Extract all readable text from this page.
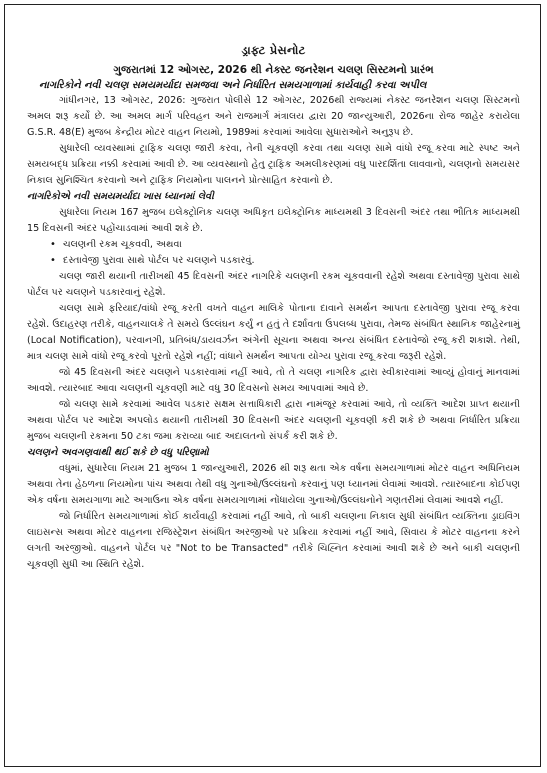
ડ્રાફ્ટ પ્રેસનોટ
ગુજરાતમાં 12 ઓગસ્ટ, 2026 થી નેક્સ્ટ જનરેશન ચલણ સિસ્ટમનો પ્રારંભ
નાગરિકોને નવી ચલણ સમયમર્યાદા સમજવા અને નિર્ધારિત સમયગાળામાં કાર્યવાહી કરવા અપીલ

ગાંધીનગર, 13 ઓગસ્ટ, 2026: ગુજરાત પોલીસે 12 ઓગસ્ટ, 2026થી રાજ્યમાં નેક્સ્ટ જનરેશન ચલણ સિસ્ટમનો અમલ શરૂ કર્યો છે. આ અમલ માર્ગ પરિવહન અને રાજમાર્ગ મંત્રાલય દ્વારા 20 જાન્યુઆરી, 2026ના રોજ જાહેર કરાયેલા G.S.R. 48(E) મુજબ કેન્દ્રીય મોટર વાહન નિયમો, 1989માં કરવામાં આવેલા સુધારાઓને અનુરૂપ છે.

સુધારેલી વ્યવસ્થામાં ટ્રાફિક ચલણ જારી કરવા, તેની ચૂકવણી કરવા તથા ચલણ સામે વાંધો રજૂ કરવા માટે સ્પષ્ટ અને સમયબદ્ધ પ્રક્રિયા નક્કી કરવામાં આવી છે. આ વ્યવસ્થાનો હેતુ ટ્રાફિક અમલીકરણમાં વધુ પારદર્શિતા લાવવાનો, ચલણનો સમયસર નિકાલ સુનિશ્ચિત કરવાનો અને ટ્રાફિક નિયમોના પાલનને પ્રોત્સાહિત કરવાનો છે.

નાગરિકોએ નવી સમયમર્યાદા ખાસ ધ્યાનમાં લેવી

સુધારેલા નિયમ 167 મુજબ ઇલેક્ટ્રોનિક ચલણ અધિકૃત ઇલેક્ટ્રોનિક માધ્યમથી 3 દિવસની અંદર તથા ભૌતિક માધ્યમથી 15 દિવસની અંદર પહોંચાડવામાં આવી શકે છે.

• ચલણની રકમ ચૂકવવી, અથવા
• દસ્તાવેજી પુરાવા સાથે પોર્ટલ પર ચલણને પડકારવું.

ચલણ જારી થયાની તારીખથી 45 દિવસની અંદર નાગરિકે ચલણની રકમ ચૂકવવાની રહેશે અથવા દસ્તાવેજી પુરાવા સાથે પોર્ટલ પર ચલણને પડકારવાનું રહેશે.

ચલણ સામે ફરિયાદ/વાંધો રજૂ કરતી વખતે વાહન માલિકે પોતાના દાવાને સમર્થન આપતા દસ્તાવેજી પુરાવા રજૂ કરવા રહેશે. ઉદાહરણ તરીકે, વાહનચાલકે તે સમયે ઉલ્લંઘન કર્યું ન હતું તે દર્શાવતા ઉપલબ્ધ પુરાવા, તેમજ સંબંધિત સ્થાનિક જાહેરનામું (Local Notification), પરવાનગી, પ્રતિબંધ/ડાયવર્ઝન અંગેની સૂચના અથવા અન્ય સંબંધિત દસ્તાવેજો રજૂ કરી શકાશે. તેથી, માત્ર ચલણ સામે વાંધો રજૂ કરવો પૂરતો રહેશે નહીં; વાંધાને સમર્થન આપતા યોગ્ય પુરાવા રજૂ કરવા જરૂરી રહેશે.

જો 45 દિવસની અંદર ચલણને પડકારવામાં નહીં આવે, તો તે ચલણ નાગરિક દ્વારા સ્વીકારવામાં આવ્યું હોવાનું માનવામાં આવશે. ત્યારબાદ આવા ચલણની ચૂકવણી માટે વધુ 30 દિવસનો સમય આપવામાં આવે છે.

જો ચલણ સામે કરવામાં આવેલ પડકાર સક્ષમ સત્તાધિકારી દ્વારા નામંજૂર કરવામાં આવે, તો વ્યક્તિ આદેશ પ્રાપ્ત થયાની અથવા પોર્ટલ પર આદેશ અપલોડ થયાની તારીખથી 30 દિવસની અંદર ચલણની ચૂકવણી કરી શકે છે અથવા નિર્ધારિત પ્રક્રિયા મુજબ ચલણની રકમના 50 ટકા જમા કરાવ્યા બાદ અદાલતનો સંપર્ક કરી શકે છે.

ચલણને અવગણવાથી થઈ શકે છે વધુ પરિણામો

વધુમાં, સુધારેલા નિયમ 21 મુજબ 1 જાન્યુઆરી, 2026 થી શરૂ થતા એક વર્ષના સમયગાળામાં મોટર વાહન અધિનિયમ અથવા તેના હેઠળના નિયમોના પાંચ અથવા તેથી વધુ ગુનાઓ/ઉલ્લંઘનો કરવાનું પણ ધ્યાનમાં લેવામાં આવશે. ત્યારબાદના કોઈપણ એક વર્ષના સમયગાળા માટે અગાઉના એક વર્ષના સમયગાળામાં નોંધાયેલા ગુનાઓ/ઉલ્લંઘનોને ગણતરીમાં લેવામાં આવશે નહીં.

જો નિર્ધારિત સમયગાળામાં કોઈ કાર્યવાહી કરવામાં નહીં આવે, તો બાકી ચલણના નિકાલ સુધી સંબંધિત વ્યક્તિના ડ્રાઇવિંગ લાઇસન્સ અથવા મોટર વાહનના રજિસ્ટ્રેશન સંબંધિત અરજીઓ પર પ્રક્રિયા કરવામાં નહીં આવે, સિવાય કે મોટર વાહનના કરને લગતી અરજીઓ. વાહનને પોર્ટલ પર "Not to be Transacted" તરીકે ચિહ્નિત કરવામાં આવી શકે છે અને બાકી ચલણની ચૂકવણી સુધી આ સ્થિતિ રહેશે.
